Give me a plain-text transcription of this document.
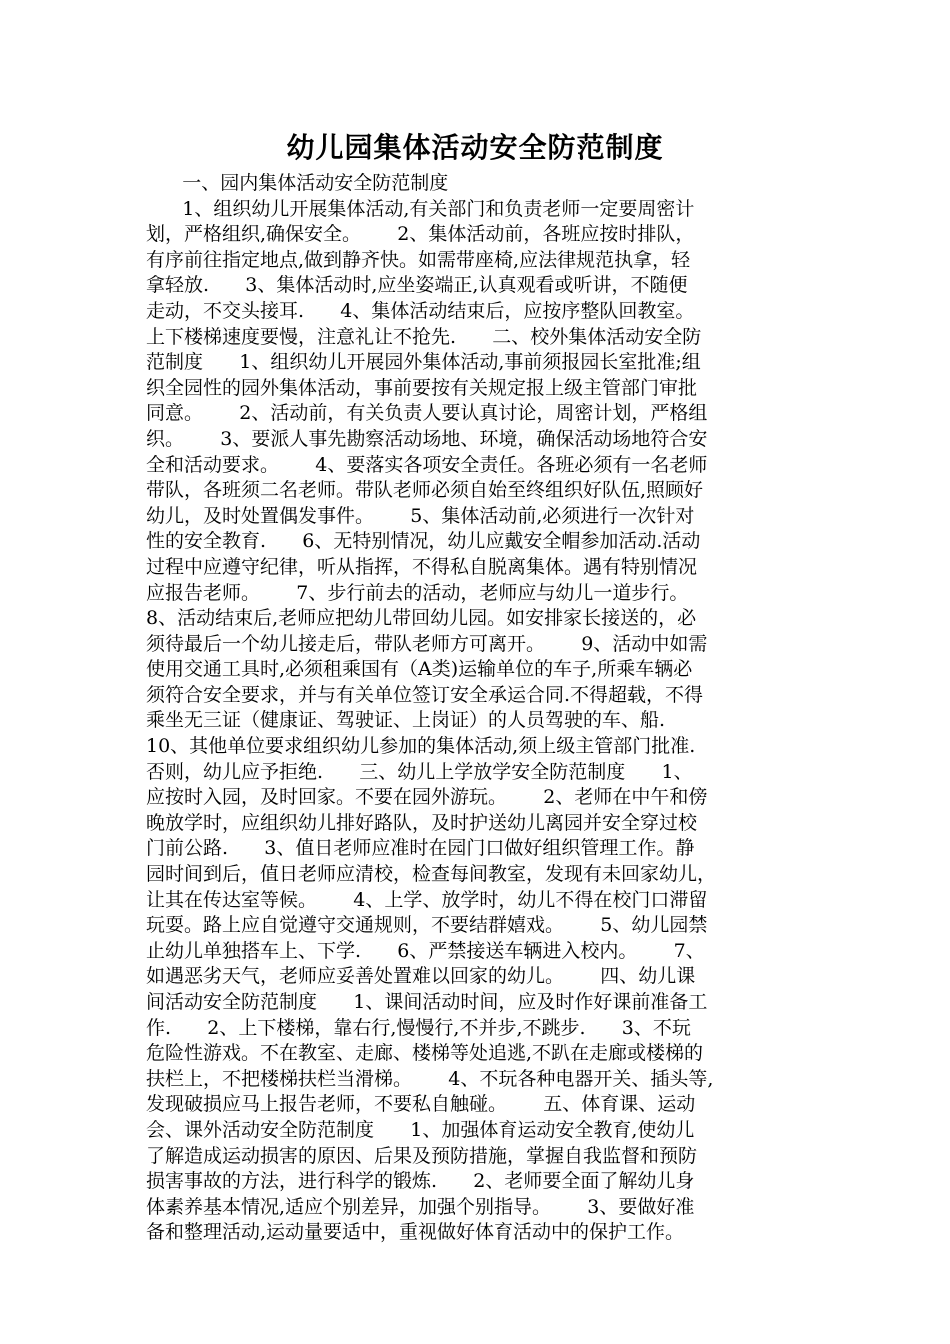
幼儿园集体活动安全防范制度
一、园内集体活动安全防范制度
1、组织幼儿开展集体活动,有关部门和负责老师一定要周密计
划，严格组织,确保安全。      2、集体活动前，各班应按时排队，
有序前往指定地点,做到静齐快。如需带座椅,应法律规范执拿，轻
拿轻放.      3、集体活动时,应坐姿端正,认真观看或听讲，不随便
走动，不交头接耳.      4、集体活动结束后，应按序整队回教室。
上下楼梯速度要慢，注意礼让不抢先.      二、校外集体活动安全防
范制度      1、组织幼儿开展园外集体活动,事前须报园长室批准;组
织全园性的园外集体活动，事前要按有关规定报上级主管部门审批
同意。      2、活动前，有关负责人要认真讨论，周密计划，严格组
织。      3、要派人事先勘察活动场地、环境，确保活动场地符合安
全和活动要求。      4、要落实各项安全责任。各班必须有一名老师
带队，各班须二名老师。带队老师必须自始至终组织好队伍,照顾好
幼儿，及时处置偶发事件。      5、集体活动前,必须进行一次针对
性的安全教育.      6、无特别情况，幼儿应戴安全帽参加活动.活动
过程中应遵守纪律，听从指挥，不得私自脱离集体。遇有特别情况
应报告老师。      7、步行前去的活动，老师应与幼儿一道步行。
8、活动结束后,老师应把幼儿带回幼儿园。如安排家长接送的，必
须待最后一个幼儿接走后，带队老师方可离开。      9、活动中如需
使用交通工具时,必须租乘国有（A类)运输单位的车子,所乘车辆必
须符合安全要求，并与有关单位签订安全承运合同.不得超载，不得
乘坐无三证（健康证、驾驶证、上岗证）的人员驾驶的车、船.
10、其他单位要求组织幼儿参加的集体活动,须上级主管部门批准.
否则，幼儿应予拒绝.      三、幼儿上学放学安全防范制度      1、
应按时入园，及时回家。不要在园外游玩。      2、老师在中午和傍
晚放学时，应组织幼儿排好路队，及时护送幼儿离园并安全穿过校
门前公路.      3、值日老师应准时在园门口做好组织管理工作。静
园时间到后，值日老师应清校，检查每间教室，发现有未回家幼儿，
让其在传达室等候。      4、上学、放学时，幼儿不得在校门口滞留
玩耍。路上应自觉遵守交通规则，不要结群嬉戏。      5、幼儿园禁
止幼儿单独搭车上、下学.      6、严禁接送车辆进入校内。      7、
如遇恶劣天气，老师应妥善处置难以回家的幼儿。      四、幼儿课
间活动安全防范制度      1、课间活动时间，应及时作好课前准备工
作.      2、上下楼梯，靠右行,慢慢行,不并步,不跳步.      3、不玩
危险性游戏。不在教室、走廊、楼梯等处追逃,不趴在走廊或楼梯的
扶栏上，不把楼梯扶栏当滑梯。      4、不玩各种电器开关、插头等,
发现破损应马上报告老师，不要私自触碰。      五、体育课、运动
会、课外活动安全防范制度      1、加强体育运动安全教育,使幼儿
了解造成运动损害的原因、后果及预防措施，掌握自我监督和预防
损害事故的方法，进行科学的锻炼.      2、老师要全面了解幼儿身
体素养基本情况,适应个别差异，加强个别指导。      3、要做好准
备和整理活动,运动量要适中，重视做好体育活动中的保护工作。
